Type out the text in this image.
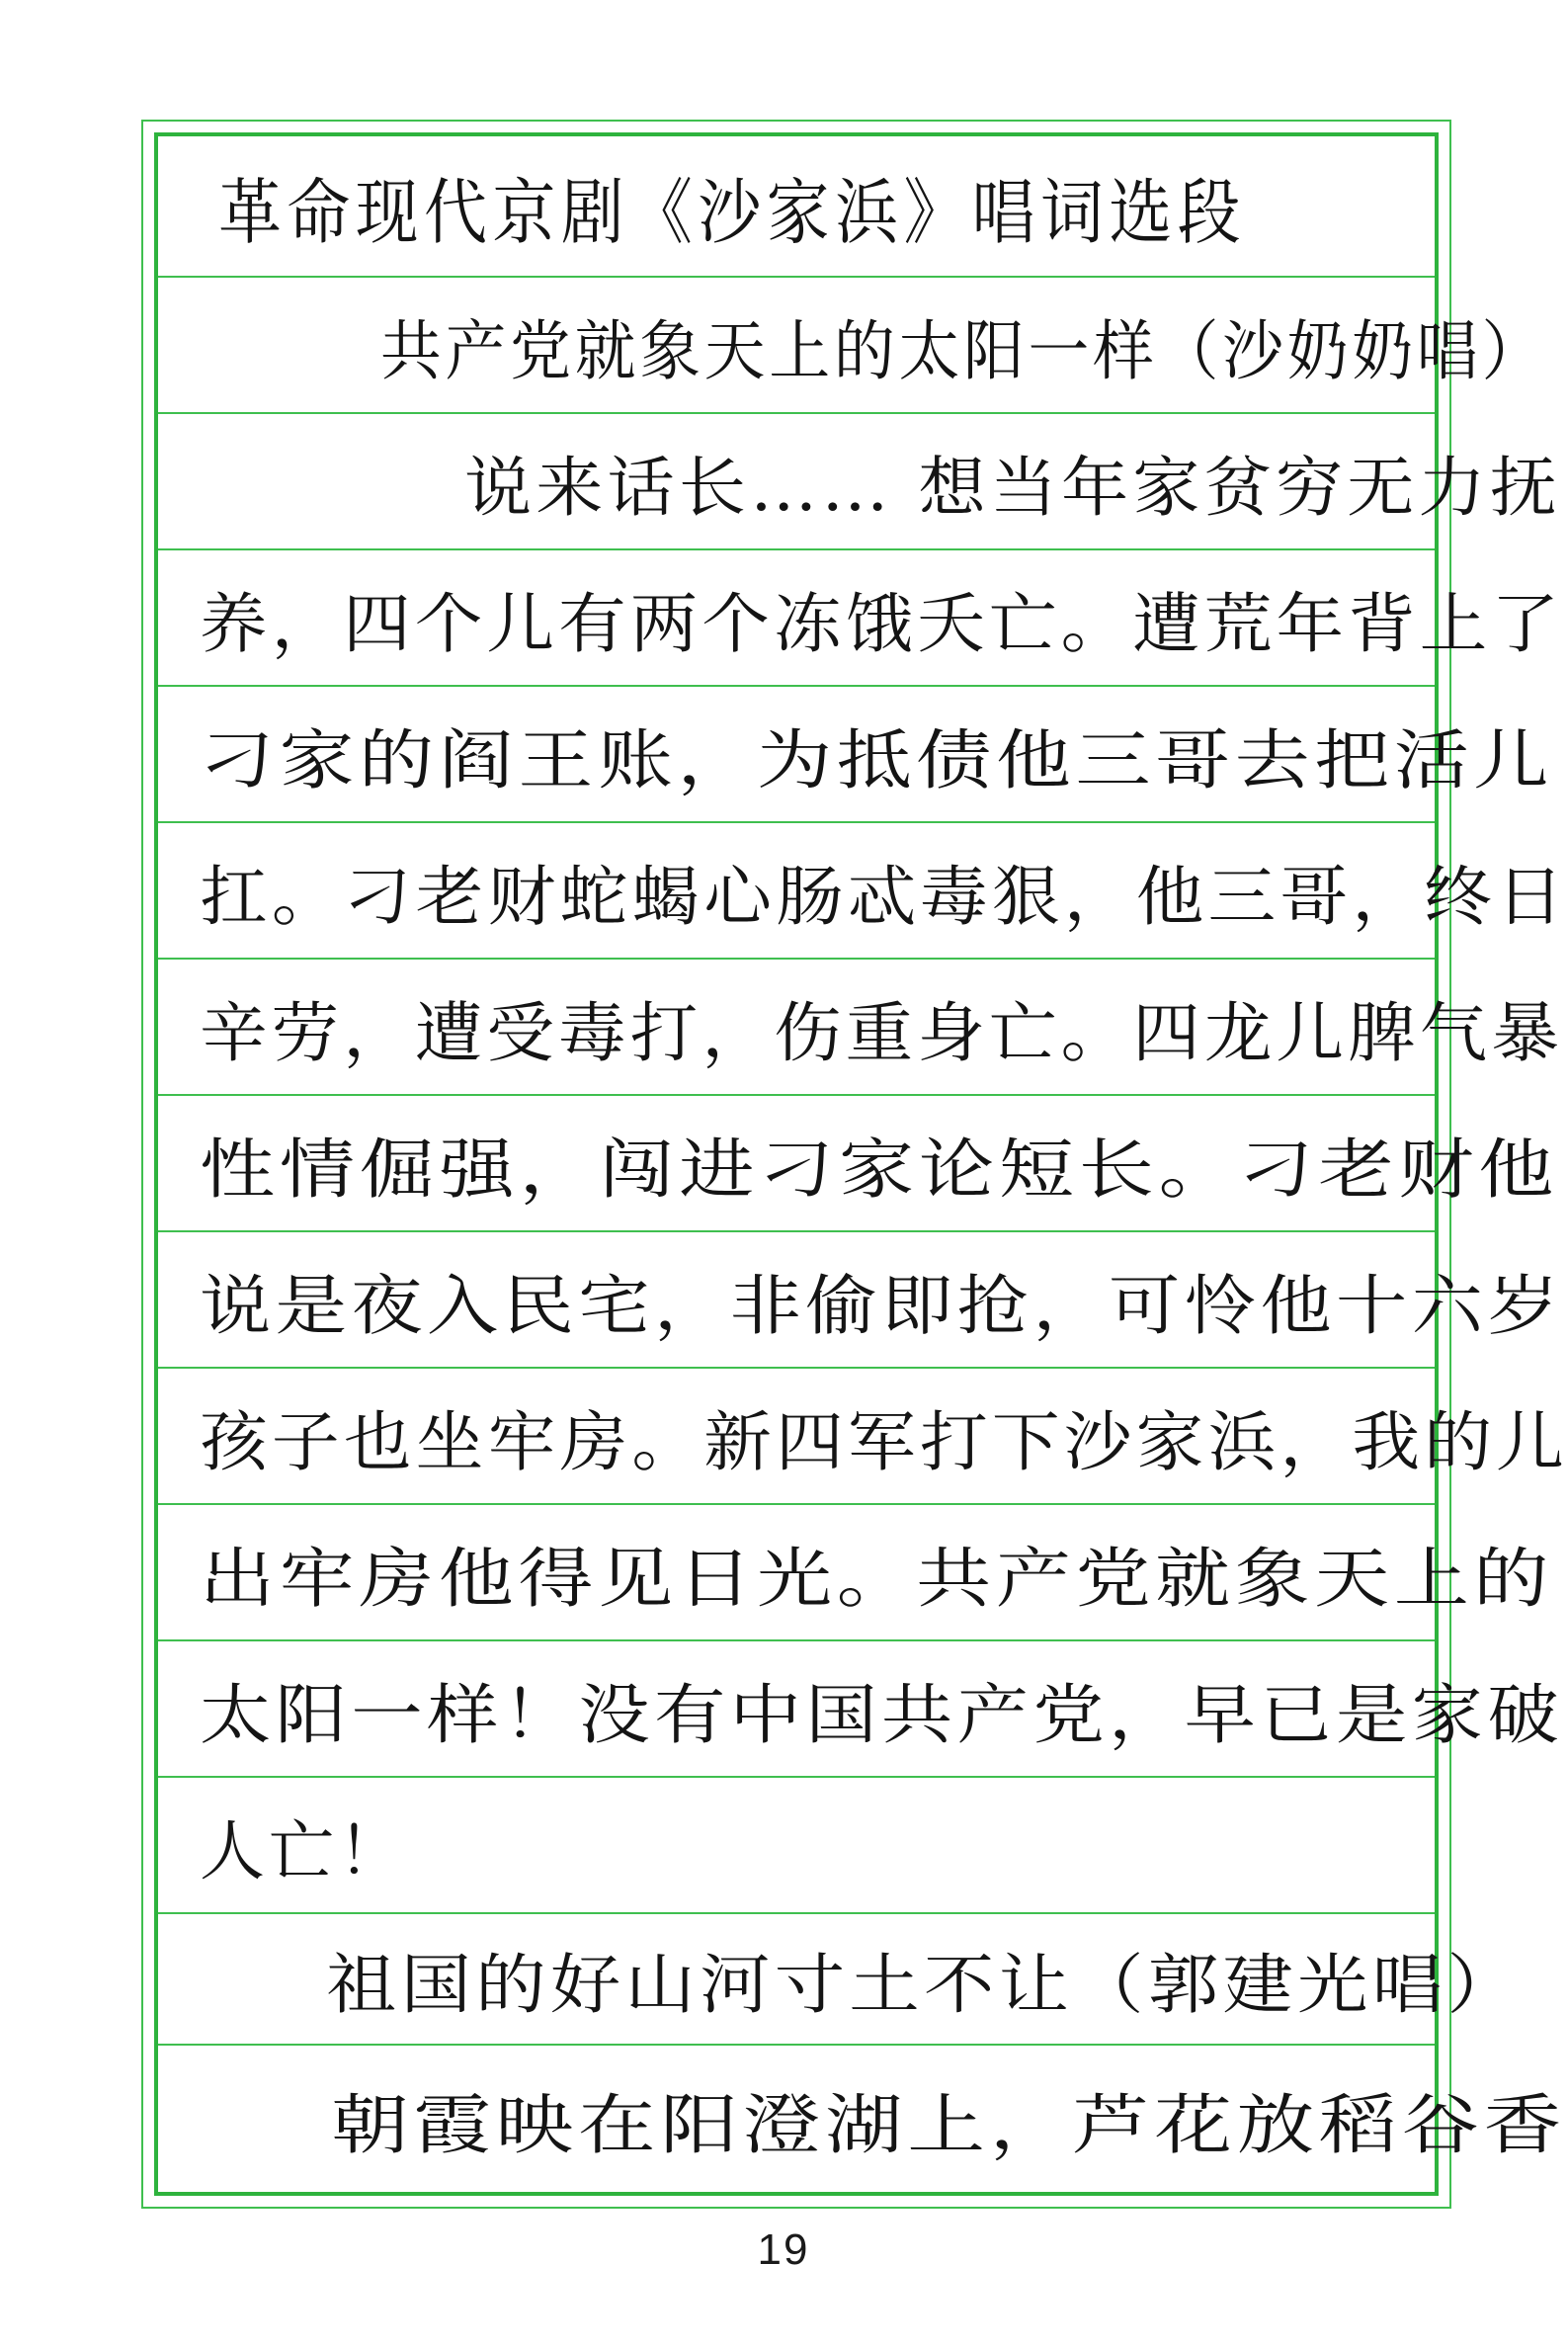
革命现代京剧《沙家浜》唱词选段
共产党就象天上的太阳一样（沙奶奶唱）
说来话长…… 想当年家贫穷无力抚
养，四个儿有两个冻饿夭亡。遭荒年背上了
刁家的阎王账，为抵债他三哥去把活儿
扛。刁老财蛇蝎心肠忒毒狠，他三哥，终日
辛劳，遭受毒打，伤重身亡。四龙儿脾气暴
性情倔强，闯进刁家论短长。刁老财他
说是夜入民宅，非偷即抢，可怜他十六岁
孩子也坐牢房。新四军打下沙家浜，我的儿
出牢房他得见日光。共产党就象天上的
太阳一样！没有中国共产党，早已是家破
人亡！
祖国的好山河寸土不让（郭建光唱）
朝霞映在阳澄湖上，芦花放稻谷香
19
